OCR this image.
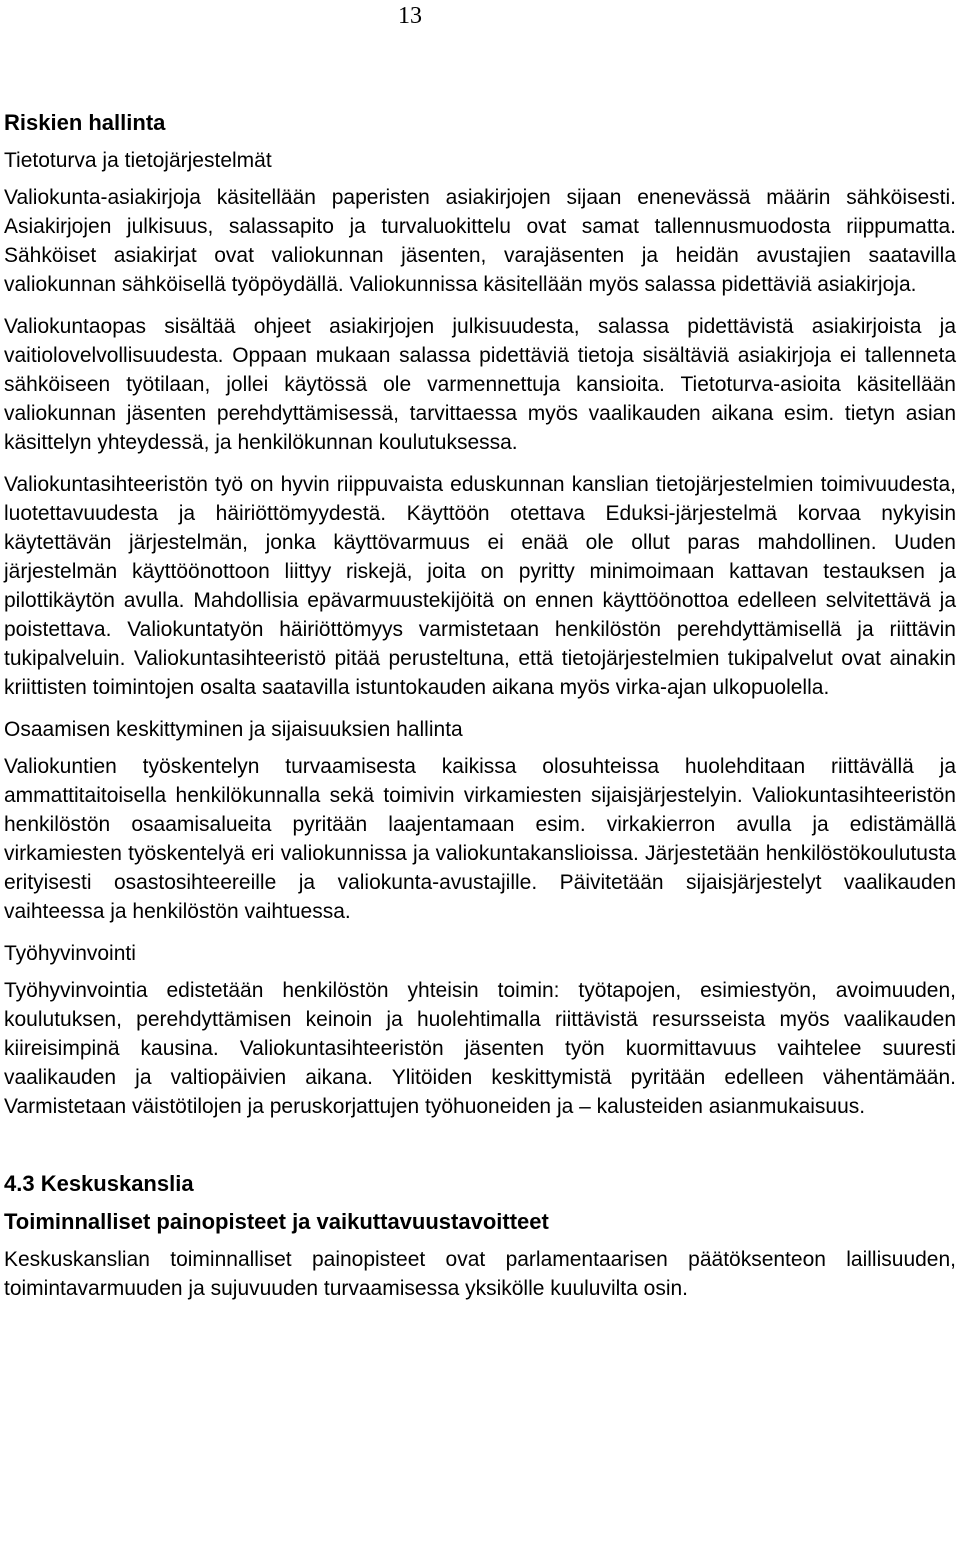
13
Riskien hallinta
Tietoturva ja tietojärjestelmät

Valiokunta-asiakirjoja käsitellään paperisten asiakirjojen sijaan enenevässä määrin sähköisesti. Asiakirjojen julkisuus, salassapito ja turvaluokittelu ovat samat tallennusmuodosta riippumatta. Sähköiset asiakirjat ovat valiokunnan jäsenten, varajäsenten ja heidän avustajien saatavilla valiokunnan sähköisellä työpöydällä. Valiokunnissa käsitellään myös salassa pidettäviä asiakirjoja.

Valiokuntaopas sisältää ohjeet asiakirjojen julkisuudesta, salassa pidettävistä asiakirjoista ja vaitiolovelvollisuudesta. Oppaan mukaan salassa pidettäviä tietoja sisältäviä asiakirjoja ei tallenneta sähköiseen työtilaan, jollei käytössä ole varmennettuja kansioita. Tietoturva-asioita käsitellään valiokunnan jäsenten perehdyttämisessä, tarvittaessa myös vaalikauden aikana esim. tietyn asian käsittelyn yhteydessä, ja henkilökunnan koulutuksessa.

Valiokuntasihteeristön työ on hyvin riippuvaista eduskunnan kanslian tietojärjestelmien toimivuudesta, luotettavuudesta ja häiriöttömyydestä. Käyttöön otettava Eduksi-järjestelmä korvaa nykyisin käytettävän järjestelmän, jonka käyttövarmuus ei enää ole ollut paras mahdollinen. Uuden järjestelmän käyttöönottoon liittyy riskejä, joita on pyritty minimoimaan kattavan testauksen ja pilottikäytön avulla. Mahdollisia epävarmuustekijöitä on ennen käyttöönottoa edelleen selvitettävä ja poistettava. Valiokuntatyön häiriöttömyys varmistetaan henkilöstön perehdyttämisellä ja riittävin tukipalveluin. Valiokuntasihteeristö pitää perusteltuna, että tietojärjestelmien tukipalvelut ovat ainakin kriittisten toimintojen osalta saatavilla istuntokauden aikana myös virka-ajan ulkopuolella.

Osaamisen keskittyminen ja sijaisuuksien hallinta

Valiokuntien työskentelyn turvaamisesta kaikissa olosuhteissa huolehditaan riittävällä ja ammattitaitoisella henkilökunnalla sekä toimivin virkamiesten sijaisjärjestelyin. Valiokuntasihteeristön henkilöstön osaamisalueita pyritään laajentamaan esim. virkakierron avulla ja edistämällä virkamiesten työskentelyä eri valiokunnissa ja valiokuntakanslioissa. Järjestetään henkilöstökoulutusta erityisesti osastosihteereille ja valiokunta-avustajille. Päivitetään sijaisjärjestelyt vaalikauden vaihteessa ja henkilöstön vaihtuessa.

Työhyvinvointi

Työhyvinvointia edistetään henkilöstön yhteisin toimin: työtapojen, esimiestyön, avoimuuden, koulutuksen, perehdyttämisen keinoin ja huolehtimalla riittävistä resursseista myös vaalikauden kiireisimpinä kausina. Valiokuntasihteeristön jäsenten työn kuormittavuus vaihtelee suuresti vaalikauden ja valtiopäivien aikana. Ylitöiden keskittymistä pyritään edelleen vähentämään. Varmistetaan väistötilojen ja peruskorjattujen työhuoneiden ja – kalusteiden asianmukaisuus.

4.3 Keskuskanslia
Toiminnalliset painopisteet ja vaikuttavuustavoitteet

Keskuskanslian toiminnalliset painopisteet ovat parlamentaarisen päätöksenteon laillisuuden, toimintavarmuuden ja sujuvuuden turvaamisessa yksikölle kuuluvilta osin.
